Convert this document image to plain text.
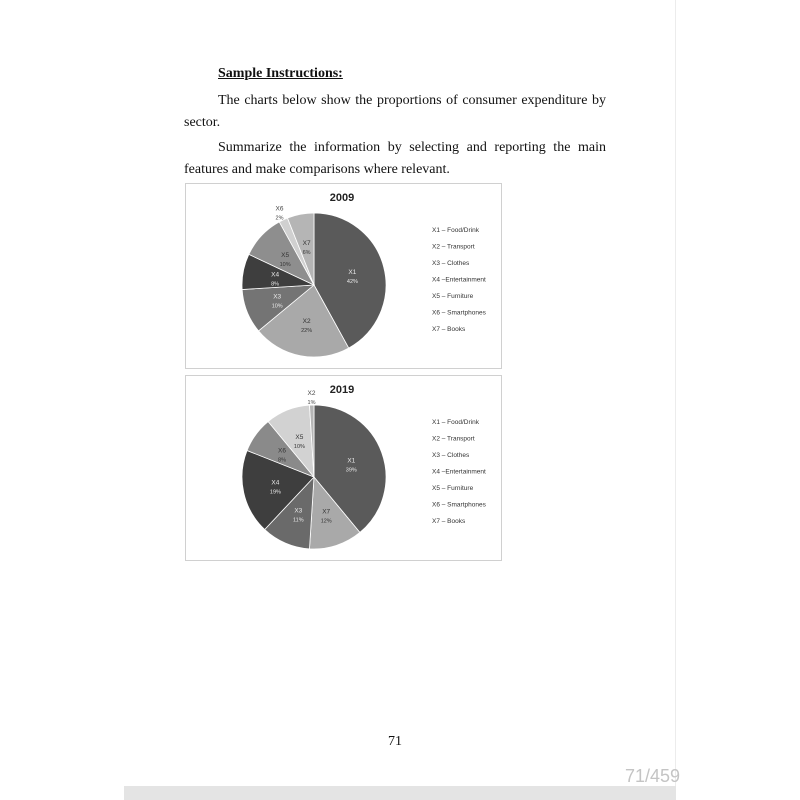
Sample Instructions:

The charts below show the proportions of consumer expenditure by sector.

Summarize the information by selecting and reporting the main features and make comparisons where relevant.

2009
X1
42%
X2
22%
X3
10%
X4
8%
X5
10%
X6
2%
X7
6%
X1 – Food/Drink
X2 – Transport
X3 – Clothes
X4 –Entertainment
X5 – Furniture
X6 – Smartphones
X7 – Books
2019
X1
39%
X7
12%
X3
11%
X4
19%
X6
8%
X5
10%
X2
1%
X1 – Food/Drink
X2 – Transport
X3 – Clothes
X4 –Entertainment
X5 – Furniture
X6 – Smartphones
X7 – Books
71
71/459
